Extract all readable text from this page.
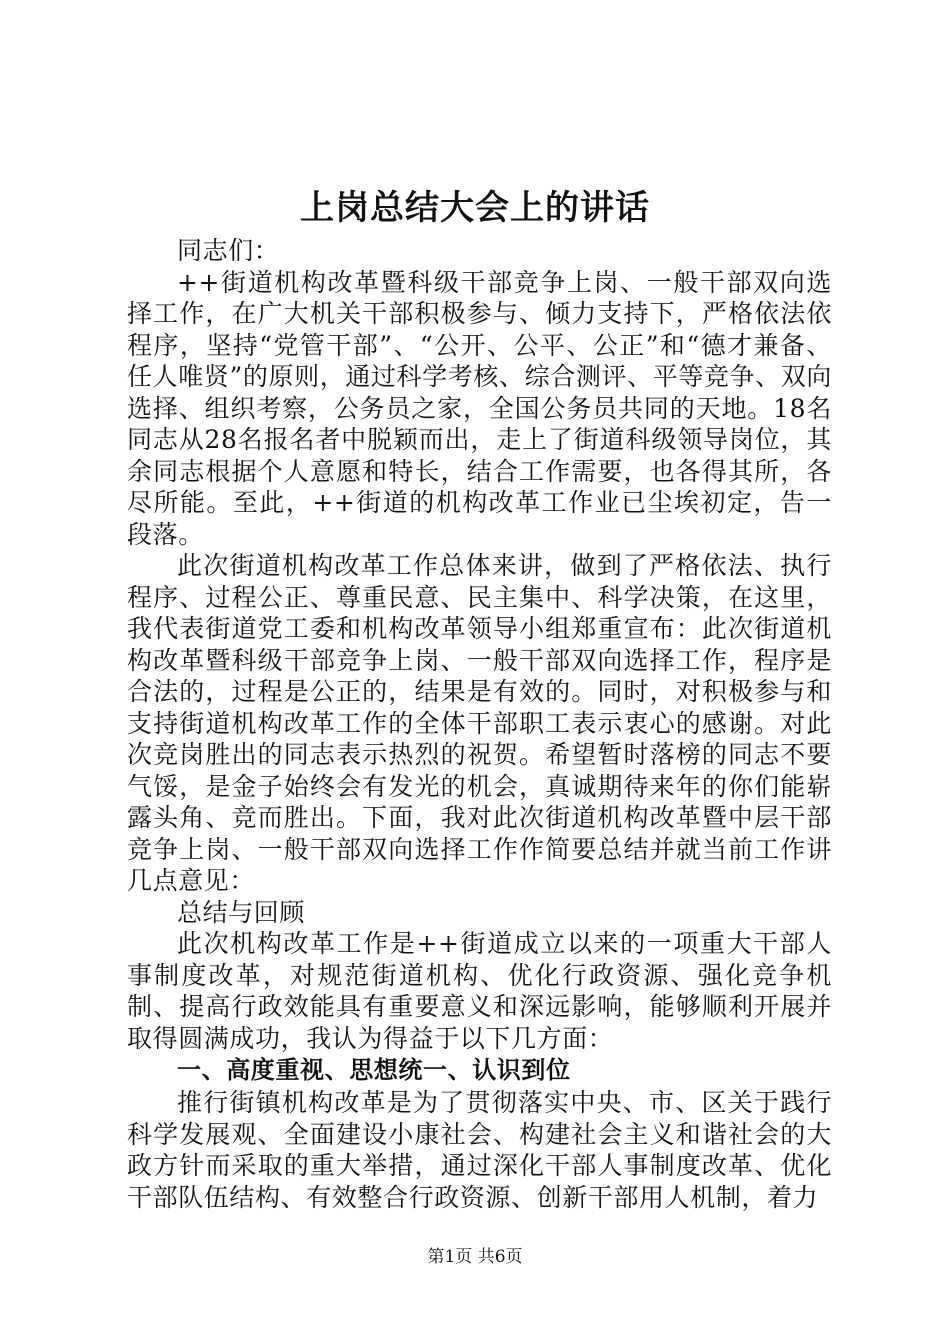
上岗总结大会上的讲话

同志们：

++街道机构改革暨科级干部竞争上岗、一般干部双向选择工作，在广大机关干部积极参与、倾力支持下，严格依法依程序，坚持“党管干部”、“公开、公平、公正”和“德才兼备、任人唯贤”的原则，通过科学考核、综合测评、平等竞争、双向选择、组织考察，公务员之家，全国公务员共同的天地。18名同志从28名报名者中脱颖而出，走上了街道科级领导岗位，其余同志根据个人意愿和特长，结合工作需要，也各得其所，各尽所能。至此，++街道的机构改革工作业已尘埃初定，告一段落。

此次街道机构改革工作总体来讲，做到了严格依法、执行程序、过程公正、尊重民意、民主集中、科学决策，在这里，我代表街道党工委和机构改革领导小组郑重宣布：此次街道机构改革暨科级干部竞争上岗、一般干部双向选择工作，程序是合法的，过程是公正的，结果是有效的。同时，对积极参与和支持街道机构改革工作的全体干部职工表示衷心的感谢。对此次竞岗胜出的同志表示热烈的祝贺。希望暂时落榜的同志不要气馁，是金子始终会有发光的机会，真诚期待来年的你们能崭露头角、竞而胜出。下面，我对此次街道机构改革暨中层干部竞争上岗、一般干部双向选择工作作简要总结并就当前工作讲几点意见：

总结与回顾

此次机构改革工作是++街道成立以来的一项重大干部人事制度改革，对规范街道机构、优化行政资源、强化竞争机制、提高行政效能具有重要意义和深远影响，能够顺利开展并取得圆满成功，我认为得益于以下几方面：

一、高度重视、思想统一、认识到位

推行街镇机构改革是为了贯彻落实中央、市、区关于践行科学发展观、全面建设小康社会、构建社会主义和谐社会的大政方针而采取的重大举措，通过深化干部人事制度改革、优化干部队伍结构、有效整合行政资源、创新干部用人机制，着力

第1页 共6页
